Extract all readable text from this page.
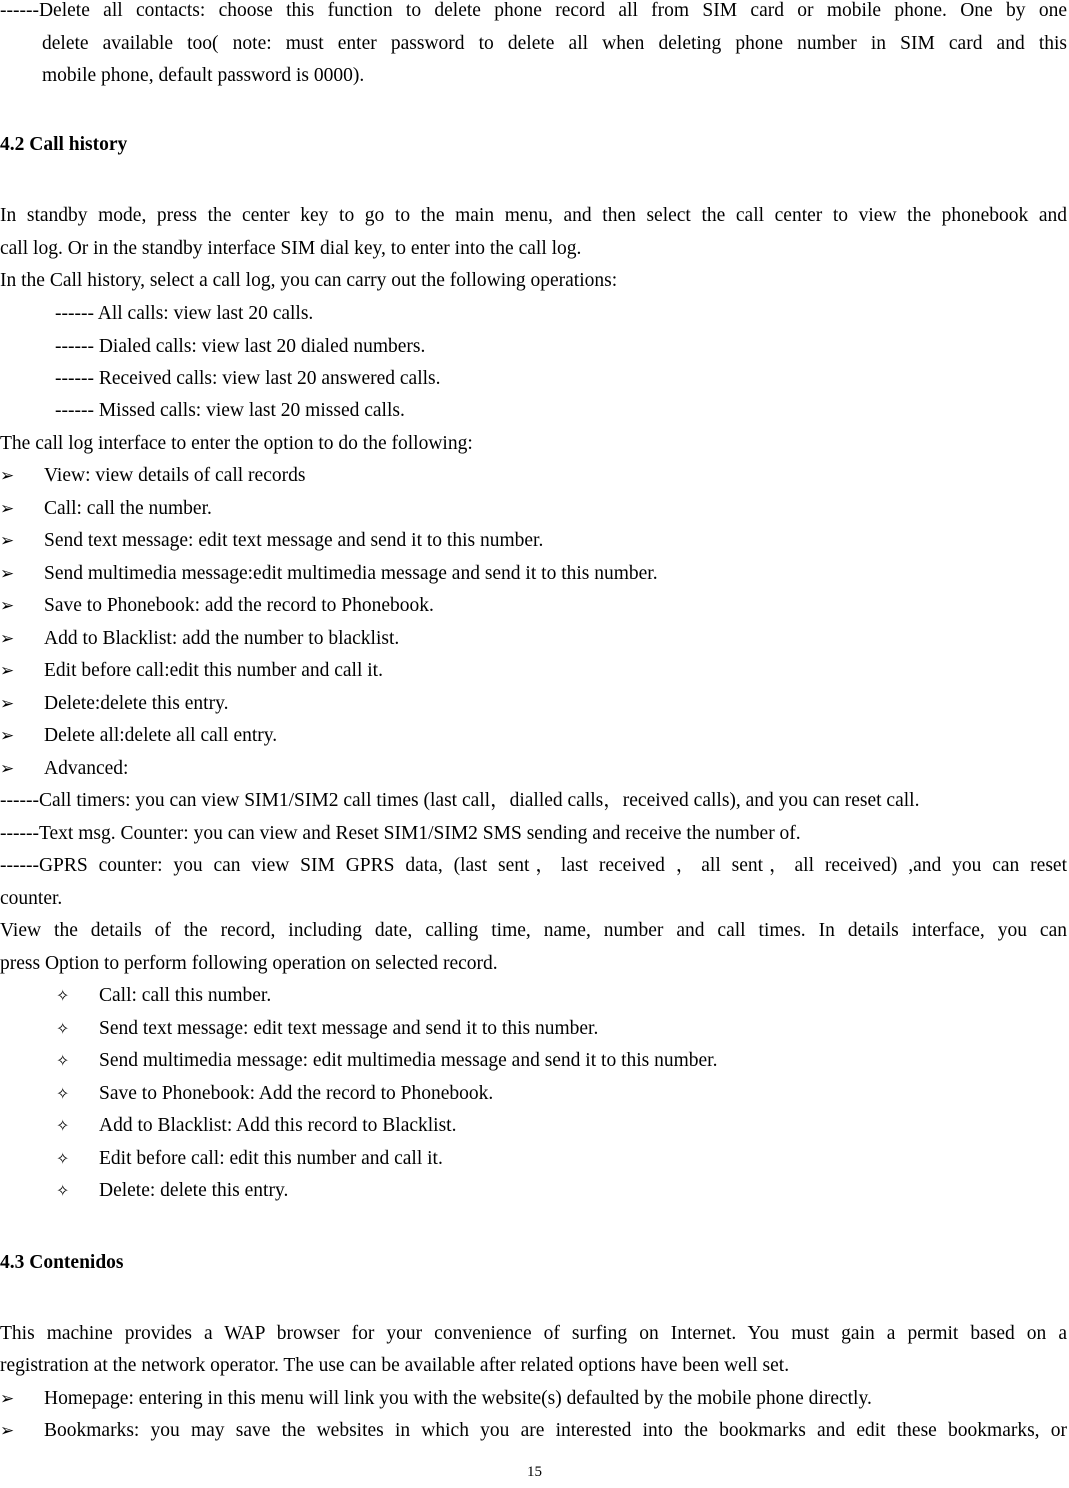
------Delete all contacts: choose this function to delete phone record all from SIM card or mobile phone. One by one
delete available too( note: must enter password to delete all when deleting phone number in SIM card and this
mobile phone, default password is 0000).
4.2 Call history
In standby mode, press the center key to go to the main menu, and then select the call center to view the phonebook and
call log. Or in the standby interface SIM dial key, to enter into the call log.
In the Call history, select a call log, you can carry out the following operations:
------ All calls: view last 20 calls.
------ Dialed calls: view last 20 dialed numbers.
------ Received calls: view last 20 answered calls.
------ Missed calls: view last 20 missed calls.
The call log interface to enter the option to do the following:
➢ View: view details of call records
➢ Call: call the number.
➢ Send text message: edit text message and send it to this number.
➢ Send multimedia message:edit multimedia message and send it to this number.
➢ Save to Phonebook: add the record to Phonebook.
➢ Add to Blacklist: add the number to blacklist.
➢ Edit before call:edit this number and call it.
➢ Delete:delete this entry.
➢ Delete all:delete all call entry.
➢ Advanced:
------Call timers: you can view SIM1/SIM2 call times (last call，dialled calls，received calls), and you can reset call.
------Text msg. Counter: you can view and Reset SIM1/SIM2 SMS sending and receive the number of.
------GPRS counter: you can view SIM GPRS data, (last sent，last received ，all sent，all received) ,and you can reset
counter.
View the details of the record, including date, calling time, name, number and call times. In details interface, you can
press Option to perform following operation on selected record.
✧ Call: call this number.
✧ Send text message: edit text message and send it to this number.
✧ Send multimedia message: edit multimedia message and send it to this number.
✧ Save to Phonebook: Add the record to Phonebook.
✧ Add to Blacklist: Add this record to Blacklist.
✧ Edit before call: edit this number and call it.
✧ Delete: delete this entry.
4.3 Contenidos
This machine provides a WAP browser for your convenience of surfing on Internet. You must gain a permit based on a
registration at the network operator. The use can be available after related options have been well set.
➢ Homepage: entering in this menu will link you with the website(s) defaulted by the mobile phone directly.
➢ Bookmarks: you may save the websites in which you are interested into the bookmarks and edit these bookmarks, or
15
